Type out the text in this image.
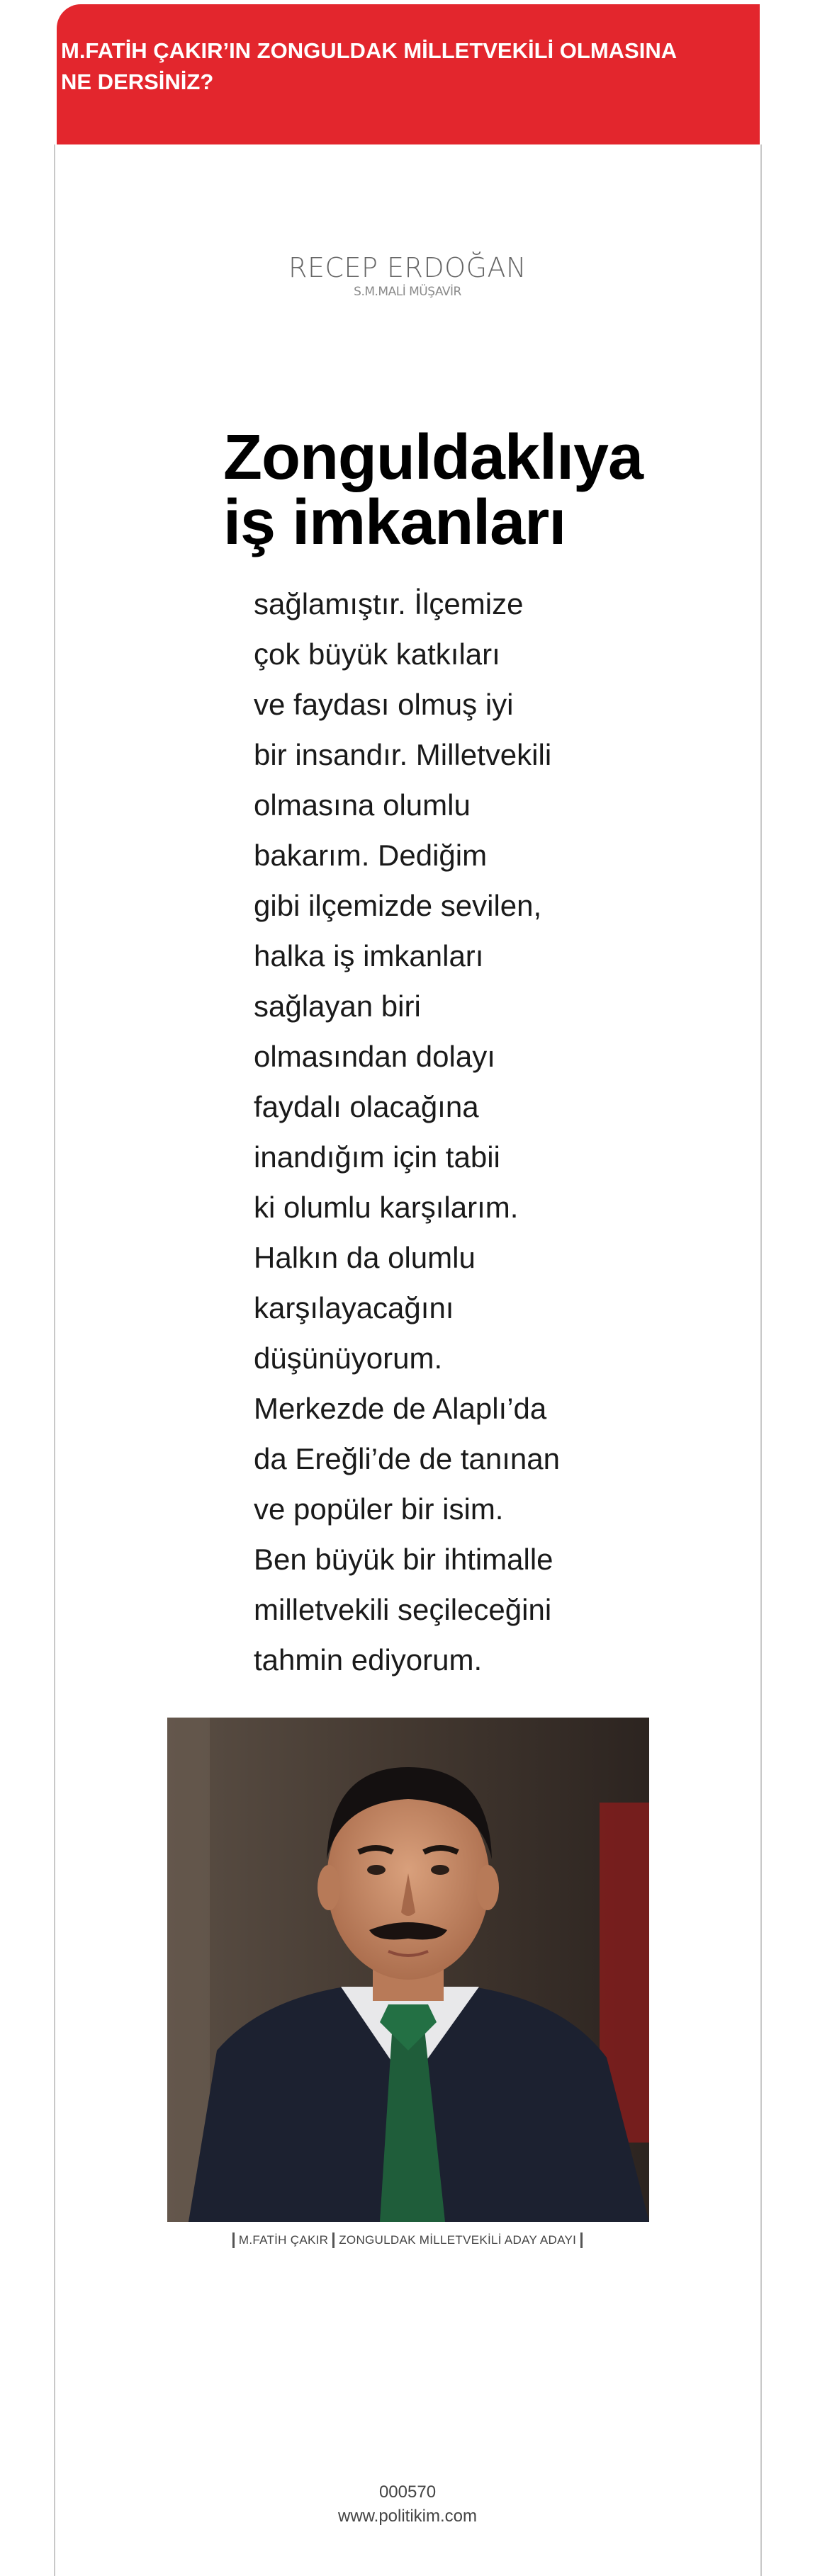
M.FATİH ÇAKIR’IN ZONGULDAK MİLLETVEKİLİ OLMASINA NE DERSİNİZ?

RECEP ERDOĞAN
S.M.MALİ MÜŞAVİR
Zonguldaklıya
iş imkanları
sağlamıştır. İlçemize
çok büyük katkıları
ve faydası olmuş iyi
bir insandır. Milletvekili
olmasına olumlu
bakarım. Dediğim
gibi ilçemizde sevilen,
halka iş imkanları
sağlayan biri
olmasından dolayı
faydalı olacağına
inandığım için tabii
ki olumlu karşılarım.
Halkın da olumlu
karşılayacağını
düşünüyorum.
Merkezde de Alaplı’da
da Ereğli’de de tanınan
ve popüler bir isim.
Ben büyük bir ihtimalle
milletvekili seçileceğini
tahmin ediyorum.
M.FATİH ÇAKIR ZONGULDAK MİLLETVEKİLİ ADAY ADAYI
000570
www.politikim.com
